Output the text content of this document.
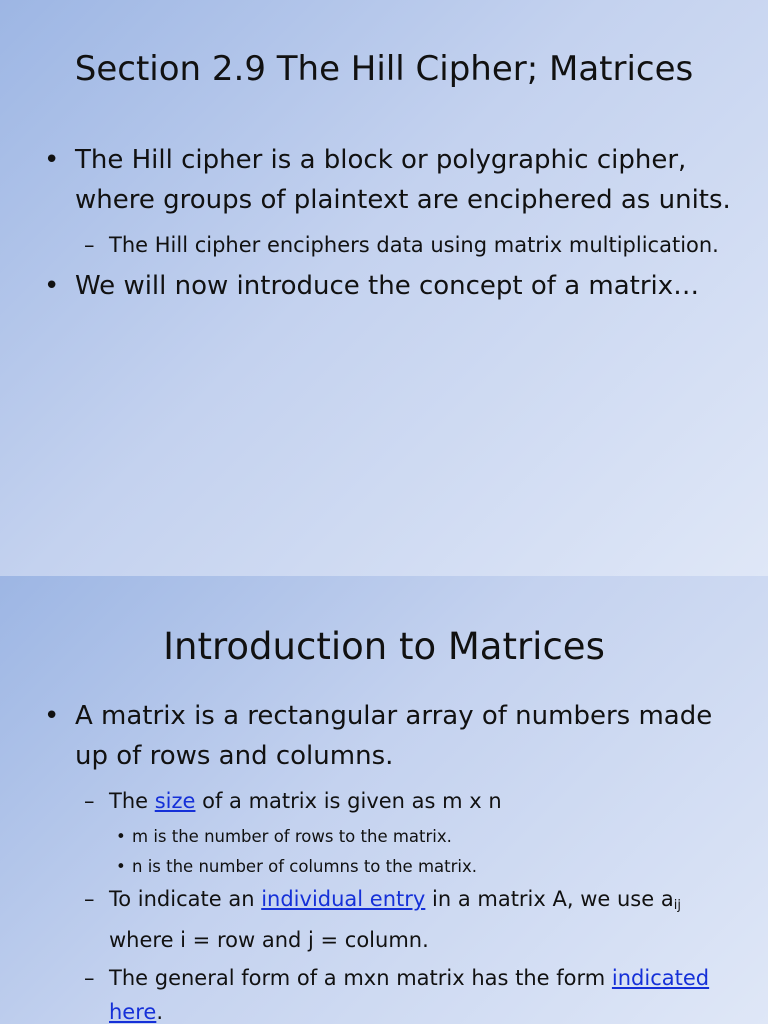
Section 2.9 The Hill Cipher; Matrices

• The Hill cipher is a block or polygraphic cipher, where groups of plaintext are enciphered as units.

– The Hill cipher enciphers data using matrix multiplication.

• We will now introduce the concept of a matrix…

Introduction to Matrices

• A matrix is a rectangular array of numbers made up of rows and columns.

– The size of a matrix is given as m x n

• m is the number of rows to the matrix.

• n is the number of columns to the matrix.

– To indicate an individual entry in a matrix A, we use $a_{ij}$ where i = row and j = column.

– The general form of a mxn matrix has the form indicated here.
